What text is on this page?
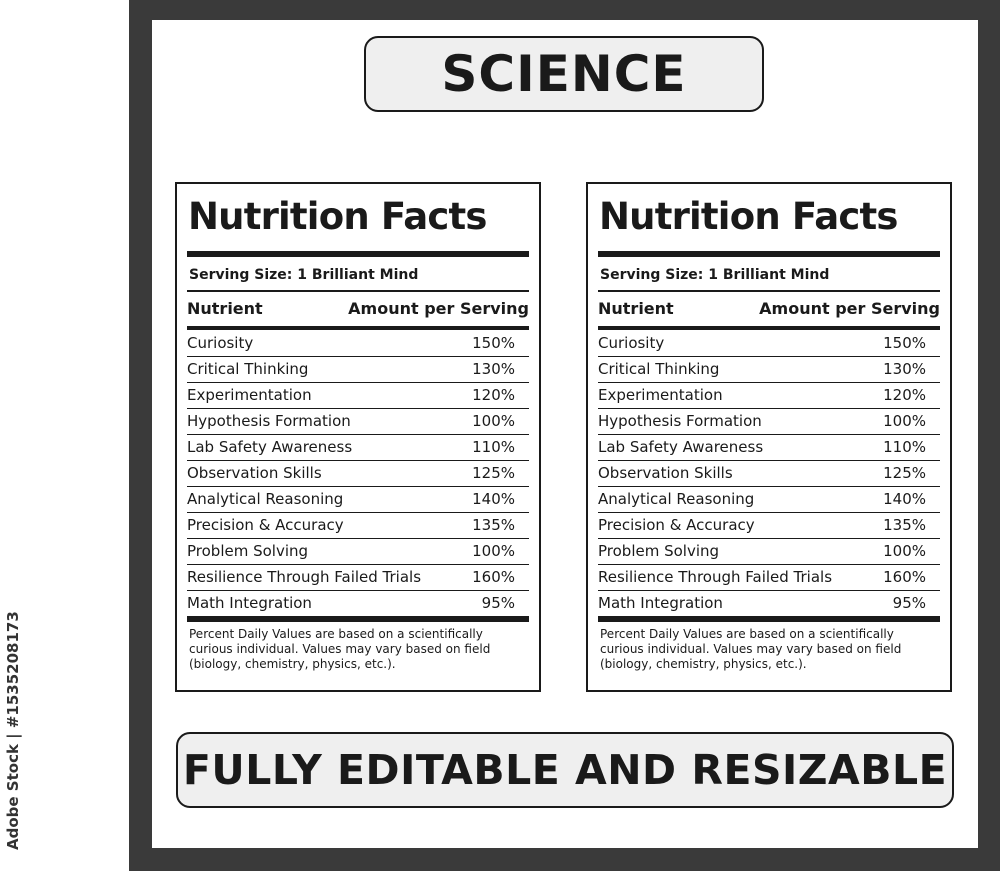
Adobe Stock | #1535208173
SCIENCE
Nutrition Facts
Serving Size: 1 Brilliant Mind
Nutrient	Amount per Serving
Curiosity	150%
Critical Thinking	130%
Experimentation	120%
Hypothesis Formation	100%
Lab Safety Awareness	110%
Observation Skills	125%
Analytical Reasoning	140%
Precision & Accuracy	135%
Problem Solving	100%
Resilience Through Failed Trials	160%
Math Integration	95%
Percent Daily Values are based on a scientifically curious individual. Values may vary based on field (biology, chemistry, physics, etc.).
Nutrition Facts
Serving Size: 1 Brilliant Mind
Nutrient	Amount per Serving
Curiosity	150%
Critical Thinking	130%
Experimentation	120%
Hypothesis Formation	100%
Lab Safety Awareness	110%
Observation Skills	125%
Analytical Reasoning	140%
Precision & Accuracy	135%
Problem Solving	100%
Resilience Through Failed Trials	160%
Math Integration	95%
Percent Daily Values are based on a scientifically curious individual. Values may vary based on field (biology, chemistry, physics, etc.).
FULLY EDITABLE AND RESIZABLE
